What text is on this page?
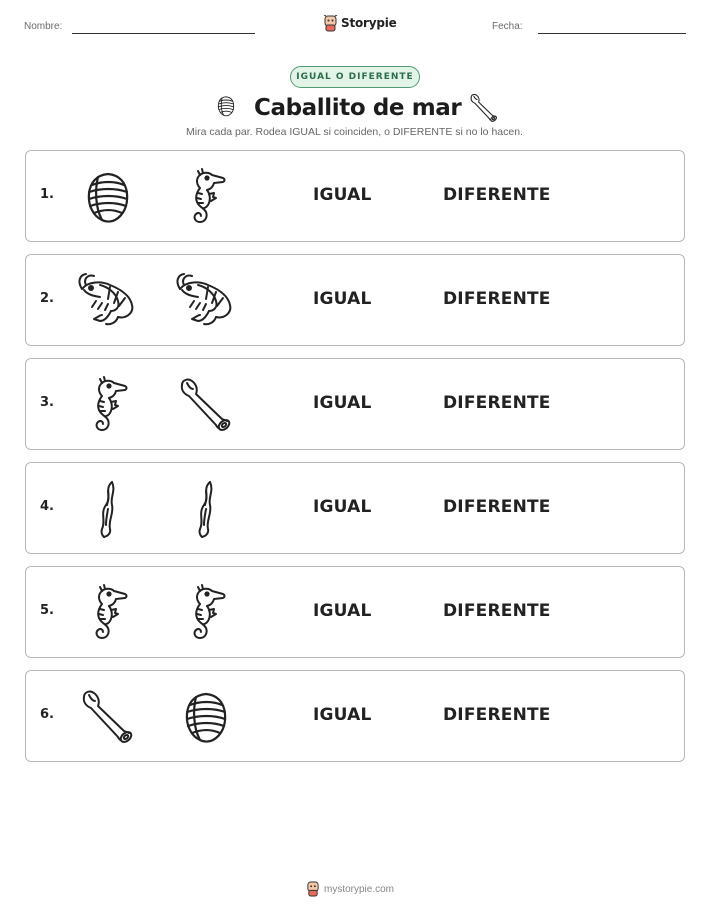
Nombre:	Storypie	Fecha:
IGUAL O DIFERENTE
Caballito de mar
Mira cada par. Rodea IGUAL si coinciden, o DIFERENTE si no lo hacen.
1.	IGUAL	DIFERENTE
2.	IGUAL	DIFERENTE
3.	IGUAL	DIFERENTE
4.	IGUAL	DIFERENTE
5.	IGUAL	DIFERENTE
6.	IGUAL	DIFERENTE
mystorypie.com
